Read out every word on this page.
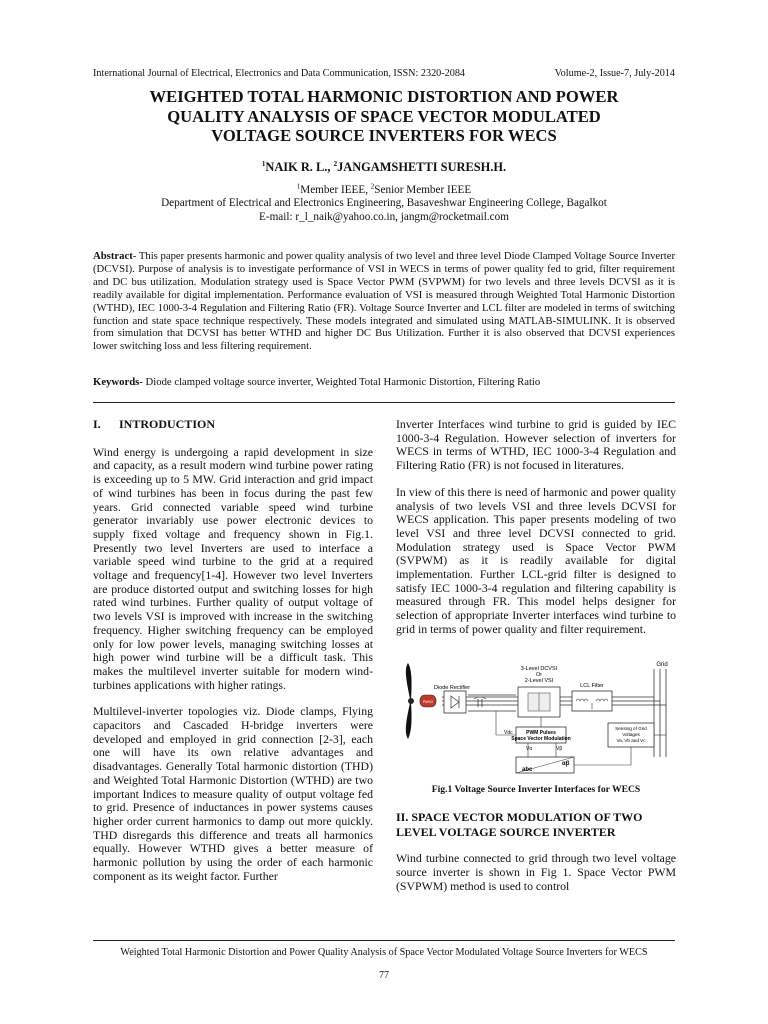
International Journal of Electrical, Electronics and Data Communication, ISSN: 2320-2084	Volume-2, Issue-7, July-2014
WEIGHTED TOTAL HARMONIC DISTORTION AND POWER
QUALITY ANALYSIS OF SPACE VECTOR MODULATED
VOLTAGE SOURCE INVERTERS FOR WECS
$^1$NAIK R. L., $^2$JANGAMSHETTI SURESH.H.
$^1$Member IEEE, $^2$Senior Member IEEE
Department of Electrical and Electronics Engineering, Basaveshwar Engineering College, Bagalkot
E-mail: r_l_naik@yahoo.co.in, jangm@rocketmail.com
Abstract- This paper presents harmonic and power quality analysis of two level and three level Diode Clamped Voltage Source Inverter (DCVSI). Purpose of analysis is to investigate performance of VSI in WECS in terms of power quality fed to grid, filter requirement and DC bus utilization. Modulation strategy used is Space Vector PWM (SVPWM) for two levels and three levels DCVSI as it is readily available for digital implementation. Performance evaluation of VSI is measured through Weighted Total Harmonic Distortion (WTHD), IEC 1000-3-4 Regulation and Filtering Ratio (FR). Voltage Source Inverter and LCL filter are modeled in terms of switching function and state space technique respectively. These models integrated and simulated using MATLAB-SIMULINK. It is observed from simulation that DCVSI has better WTHD and higher DC Bus Utilization. Further it is also observed that DCVSI experiences lower switching loss and less filtering requirement.
Keywords- Diode clamped voltage source inverter, Weighted Total Harmonic Distortion, Filtering Ratio
I. INTRODUCTION

Wind energy is undergoing a rapid development in size and capacity, as a result modern wind turbine power rating is exceeding up to 5 MW. Grid interaction and grid impact of wind turbines has been in focus during the past few years. Grid connected variable speed wind turbine generator invariably use power electronic devices to supply fixed voltage and frequency shown in Fig.1. Presently two level Inverters are used to interface a variable speed wind turbine to the grid at a required voltage and frequency[1-4]. However two level Inverters are produce distorted output and switching losses for high rated wind turbines. Further quality of output voltage of two levels VSI is improved with increase in the switching frequency. Higher switching frequency can be employed only for low power levels, managing switching losses at high power wind turbine will be a difficult task. This makes the multilevel inverter suitable for modern wind-turbines applications with higher ratings.

Multilevel-inverter topologies viz. Diode clamps, Flying capacitors and Cascaded H-bridge inverters were developed and employed in grid connection [2-3], each one will have its own relative advantages and disadvantages. Generally Total harmonic distortion (THD) and Weighted Total Harmonic Distortion (WTHD) are two important Indices to measure quality of output voltage fed to grid. Presence of inductances in power systems causes higher order current harmonics to damp out more quickly. THD disregards this difference and treats all harmonics equally. However WTHD gives a better measure of harmonic pollution by using the order of each harmonic component as its weight factor. Further

Inverter Interfaces wind turbine to grid is guided by IEC 1000-3-4 Regulation. However selection of inverters for WECS in terms of WTHD, IEC 1000-3-4 Regulation and Filtering Ratio (FR) is not focused in literatures.

In view of this there is need of harmonic and power quality analysis of two levels VSI and three levels DCVSI for WECS application. This paper presents modeling of two level VSI and three level DCVSI connected to grid. Modulation strategy used is Space Vector PWM (SVPWM) as it is readily available for digital implementation. Further LCL-grid filter is designed to satisfy IEC 1000-3-4 regulation and filtering capability is measured through FR. This model helps designer for selection of appropriate Inverter interfaces wind turbine to grid in terms of power quality and filter requirement.

Grid
PMSG
Diode Rectifier
3-Level DCVSI
Or
2-Level VSI
LCL Filter
Vdc	PWM Pulses
Space Vector Modulation
Vα	Vβ
αβ
abc
Sensing of Grid
Voltages
Va, Vb and Vc
Fig.1 Voltage Source Inverter Interfaces for WECS
II. SPACE VECTOR MODULATION OF TWO LEVEL VOLTAGE SOURCE INVERTER

Wind turbine connected to grid through two level voltage source inverter is shown in Fig 1. Space Vector PWM (SVPWM) method is used to control

Weighted Total Harmonic Distortion and Power Quality Analysis of Space Vector Modulated Voltage Source Inverters for WECS
77
